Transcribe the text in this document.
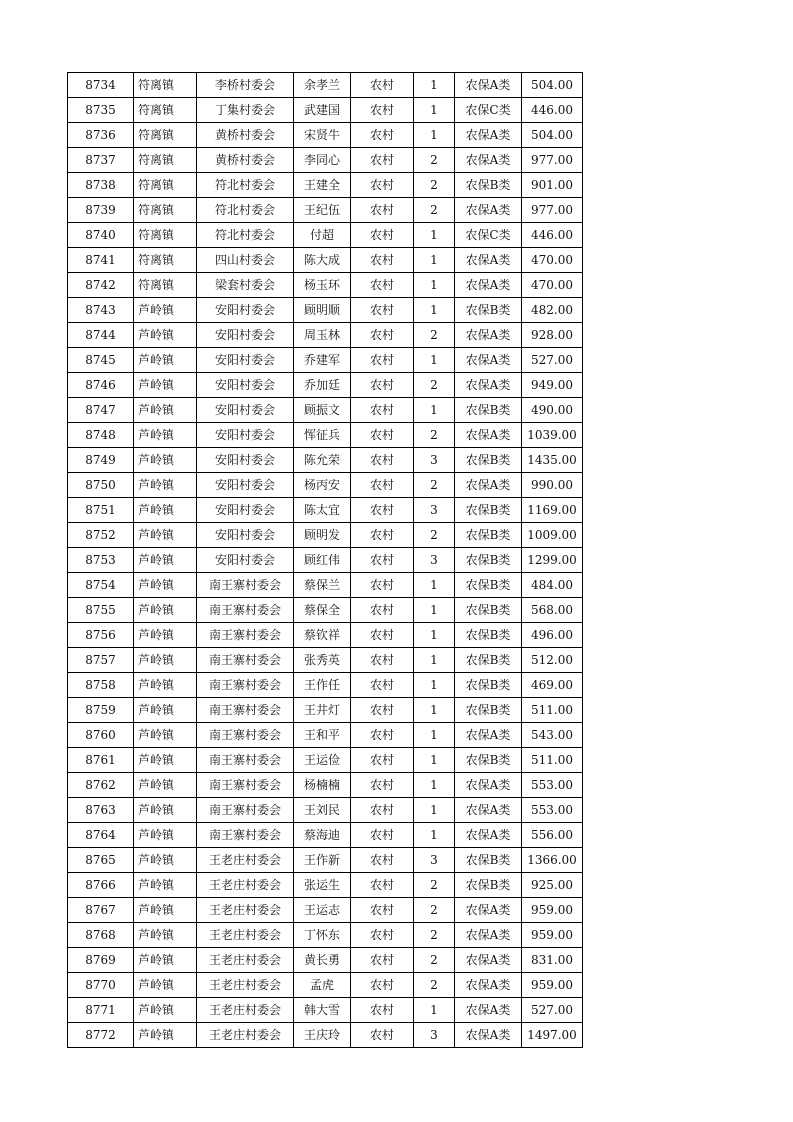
8734	符离镇	李桥村委会	余孝兰	农村	1	农保A类	504.00
8735	符离镇	丁集村委会	武建国	农村	1	农保C类	446.00
8736	符离镇	黄桥村委会	宋贤牛	农村	1	农保A类	504.00
8737	符离镇	黄桥村委会	李同心	农村	2	农保A类	977.00
8738	符离镇	符北村委会	王建全	农村	2	农保B类	901.00
8739	符离镇	符北村委会	王纪伍	农村	2	农保A类	977.00
8740	符离镇	符北村委会	付超	农村	1	农保C类	446.00
8741	符离镇	四山村委会	陈大成	农村	1	农保A类	470.00
8742	符离镇	梁套村委会	杨玉环	农村	1	农保A类	470.00
8743	芦岭镇	安阳村委会	顾明顺	农村	1	农保B类	482.00
8744	芦岭镇	安阳村委会	周玉林	农村	2	农保A类	928.00
8745	芦岭镇	安阳村委会	乔建军	农村	1	农保A类	527.00
8746	芦岭镇	安阳村委会	乔加廷	农村	2	农保A类	949.00
8747	芦岭镇	安阳村委会	顾振文	农村	1	农保B类	490.00
8748	芦岭镇	安阳村委会	恽征兵	农村	2	农保A类	1039.00
8749	芦岭镇	安阳村委会	陈允荣	农村	3	农保B类	1435.00
8750	芦岭镇	安阳村委会	杨丙安	农村	2	农保A类	990.00
8751	芦岭镇	安阳村委会	陈太宜	农村	3	农保B类	1169.00
8752	芦岭镇	安阳村委会	顾明发	农村	2	农保B类	1009.00
8753	芦岭镇	安阳村委会	顾红伟	农村	3	农保B类	1299.00
8754	芦岭镇	南王寨村委会	蔡保兰	农村	1	农保B类	484.00
8755	芦岭镇	南王寨村委会	蔡保全	农村	1	农保B类	568.00
8756	芦岭镇	南王寨村委会	蔡钦祥	农村	1	农保B类	496.00
8757	芦岭镇	南王寨村委会	张秀英	农村	1	农保B类	512.00
8758	芦岭镇	南王寨村委会	王作任	农村	1	农保B类	469.00
8759	芦岭镇	南王寨村委会	王井灯	农村	1	农保B类	511.00
8760	芦岭镇	南王寨村委会	王和平	农村	1	农保A类	543.00
8761	芦岭镇	南王寨村委会	王运俭	农村	1	农保B类	511.00
8762	芦岭镇	南王寨村委会	杨楠楠	农村	1	农保A类	553.00
8763	芦岭镇	南王寨村委会	王刘民	农村	1	农保A类	553.00
8764	芦岭镇	南王寨村委会	蔡海迪	农村	1	农保A类	556.00
8765	芦岭镇	王老庄村委会	王作新	农村	3	农保B类	1366.00
8766	芦岭镇	王老庄村委会	张运生	农村	2	农保B类	925.00
8767	芦岭镇	王老庄村委会	王运志	农村	2	农保A类	959.00
8768	芦岭镇	王老庄村委会	丁怀东	农村	2	农保A类	959.00
8769	芦岭镇	王老庄村委会	黄长勇	农村	2	农保A类	831.00
8770	芦岭镇	王老庄村委会	孟虎	农村	2	农保A类	959.00
8771	芦岭镇	王老庄村委会	韩大雪	农村	1	农保A类	527.00
8772	芦岭镇	王老庄村委会	王庆玲	农村	3	农保A类	1497.00
